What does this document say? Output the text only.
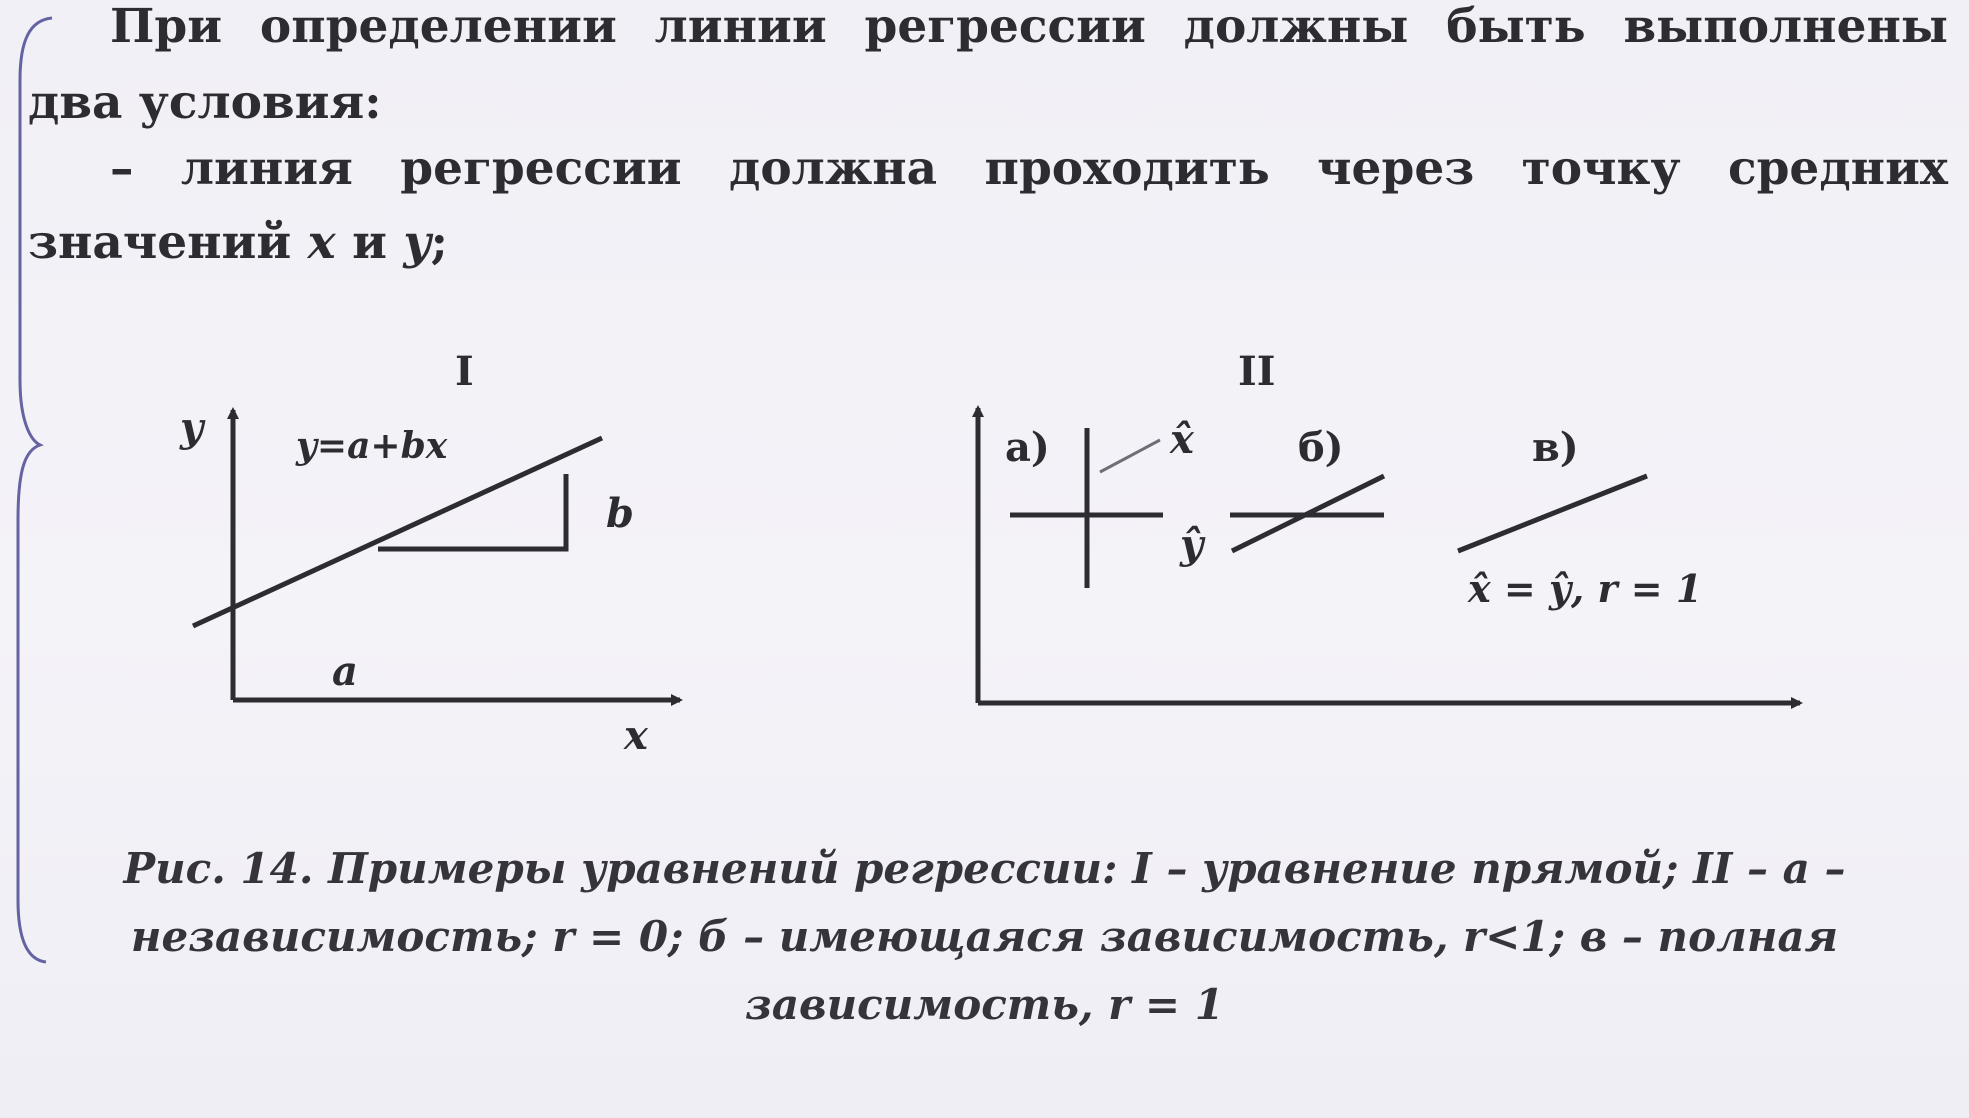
При определении линии регрессии должны быть выполнены
два условия:
– линия регрессии должна проходить через точку средних
значений
x
и
y ;
I
y	y=a+bx
b
a
x
II
а)	x̂	б)
ŷ
в)
x̂ = ŷ, r = 1
Рис. 14. Примеры уравнений регрессии: I – уравнение прямой; II – а –
независимость; r = 0; б – имеющаяся зависимость, r<1; в – полная
зависимость, r = 1
